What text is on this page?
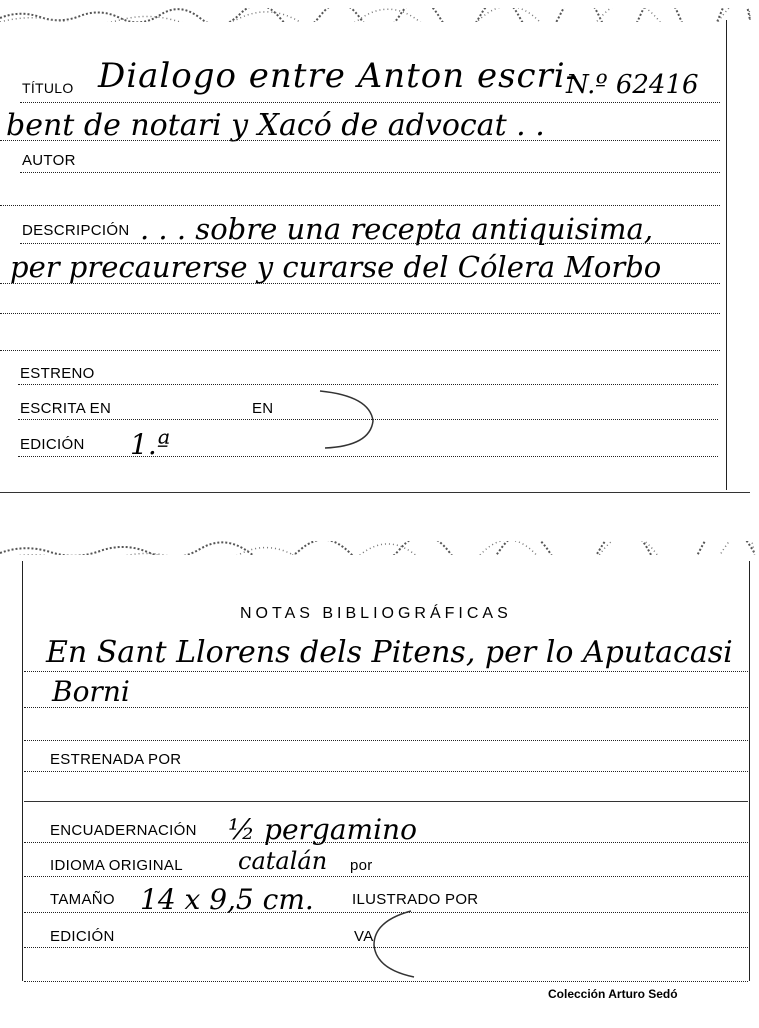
TÍTULO Dialogo entre Anton escri-
N.º 62416
bent de notari y Xacó de advocat . .
AUTOR
DESCRIPCIÓN . . . sobre una recepta antiquisima,
per precaurerse y curarse del Cólera Morbo
ESTRENO
ESCRITA EN	EN
EDICIÓN 1.ª
NOTAS BIBLIOGRÁFICAS
En Sant Llorens dels Pitens, per lo Aputacasi
Borni
ESTRENADA POR
ENCUADERNACIÓN ½ pergamino
IDIOMA ORIGINAL catalán por
TAMAÑO 14 x 9,5 cm.	ILUSTRADO POR
EDICIÓN	VA
Colección Arturo Sedó
